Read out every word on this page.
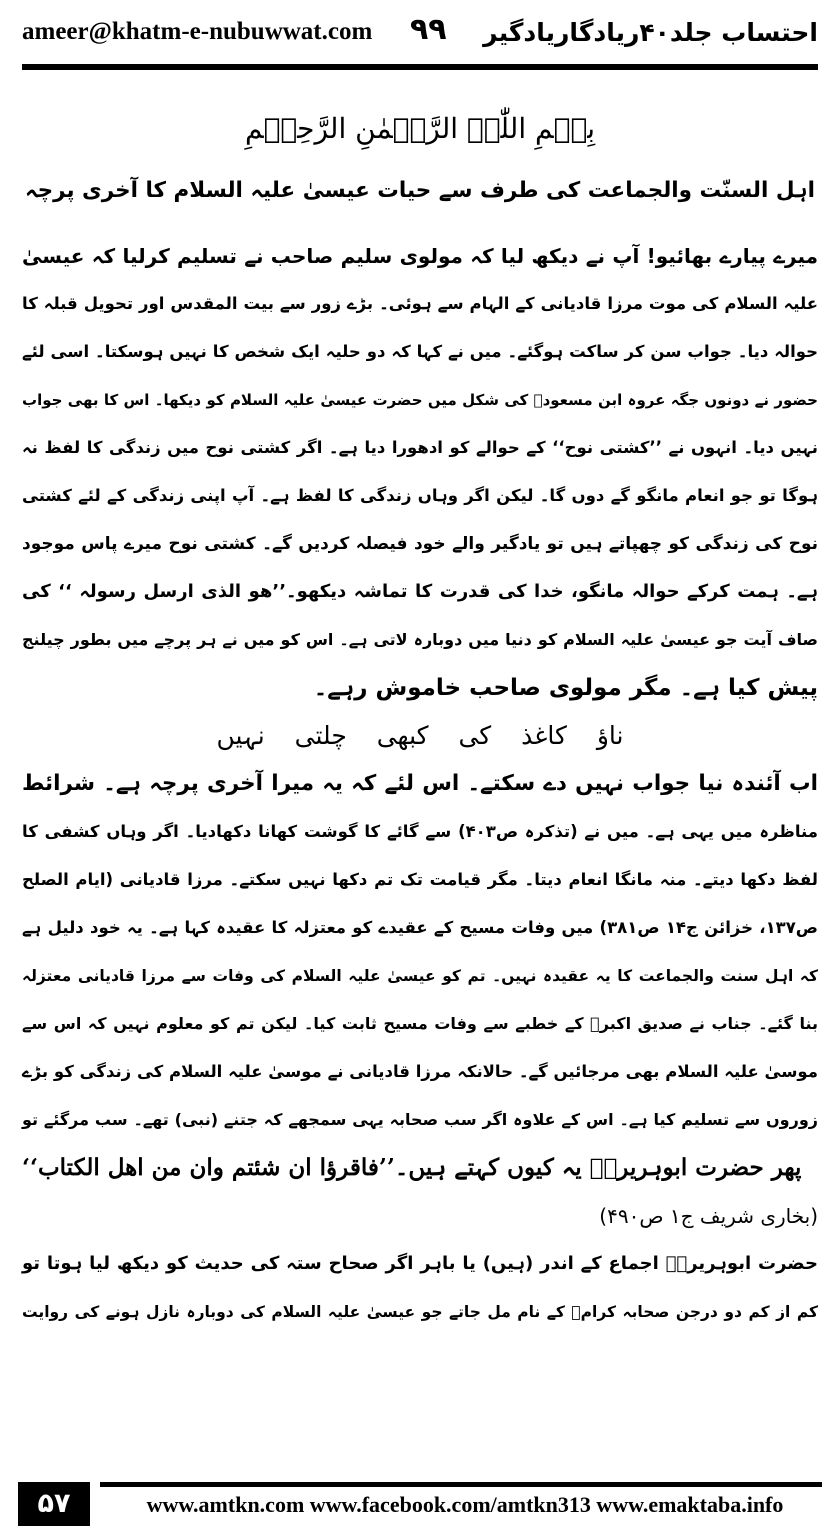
ameer@khatm-e-nubuwwat.com ۹۹ احتساب جلد۴۰ریادگاریادگیر
بِسۡمِ اللّٰہِ الرَّحۡمٰنِ الرَّحِیۡمِ
اہل السنّت والجماعت کی طرف سے حیات عیسیٰ علیہ السلام کا آخری پرچہ
میرے پیارے بھائیو! آپ نے دیکھ لیا کہ مولوی سلیم صاحب نے تسلیم کرلیا کہ عیسیٰ
علیہ السلام کی موت مرزا قادیانی کے الہام سے ہوئی۔ بڑے زور سے بیت المقدس اور تحویل قبلہ کا
حوالہ دیا۔ جواب سن کر ساکت ہوگئے۔ میں نے کہا کہ دو حلیہ ایک شخص کا نہیں ہوسکتا۔ اسی لئے
حضور نے دونوں جگہ عروہ ابن مسعودؓ کی شکل میں حضرت عیسیٰ علیہ السلام کو دیکھا۔ اس کا بھی جواب
نہیں دیا۔ انہوں نے ’’کشتی نوح‘‘ کے حوالے کو ادھورا دیا ہے۔ اگر کشتی نوح میں زندگی کا لفظ نہ
ہوگا تو جو انعام مانگو گے دوں گا۔ لیکن اگر وہاں زندگی کا لفظ ہے۔ آپ اپنی زندگی کے لئے کشتی
نوح کی زندگی کو چھپاتے ہیں تو یادگیر والے خود فیصلہ کردیں گے۔ کشتی نوح میرے پاس موجود
ہے۔ ہمت کرکے حوالہ مانگو، خدا کی قدرت کا تماشہ دیکھو۔’’ھو الذی ارسل رسولہ ‘‘ کی
صاف آیت جو عیسیٰ علیہ السلام کو دنیا میں دوبارہ لاتی ہے۔ اس کو میں نے ہر پرچے میں بطور چیلنج
پیش کیا ہے۔ مگر مولوی صاحب خاموش رہے۔
ناؤ کاغذ کی کبھی چلتی نہیں
اب آئندہ نیا جواب نہیں دے سکتے۔ اس لئے کہ یہ میرا آخری پرچہ ہے۔ شرائط
مناظرہ میں یہی ہے۔ میں نے (تذکرہ ص۴۰۳) سے گائے کا گوشت کھانا دکھادیا۔ اگر وہاں کشفی کا
لفظ دکھا دیتے۔ منہ مانگا انعام دیتا۔ مگر قیامت تک تم دکھا نہیں سکتے۔ مرزا قادیانی (ایام الصلح
ص۱۳۷، خزائن ج۱۴ ص۳۸۱) میں وفات مسیح کے عقیدے کو معتزلہ کا عقیدہ کہا ہے۔ یہ خود دلیل ہے
کہ اہل سنت والجماعت کا یہ عقیدہ نہیں۔ تم کو عیسیٰ علیہ السلام کی وفات سے مرزا قادیانی معتزلہ
بنا گئے۔ جناب نے صدیق اکبرؓ کے خطبے سے وفات مسیح ثابت کیا۔ لیکن تم کو معلوم نہیں کہ اس سے
موسیٰ علیہ السلام بھی مرجائیں گے۔ حالانکہ مرزا قادیانی نے موسیٰ علیہ السلام کی زندگی کو بڑے
زوروں سے تسلیم کیا ہے۔ اس کے علاوہ اگر سب صحابہ یہی سمجھے کہ جتنے (نبی) تھے۔ سب مرگئے تو
پھر حضرت ابوہریرہؓ یہ کیوں کہتے ہیں۔’’فاقرؤا ان شئتم وان من اھل الکتاب‘‘
(بخاری شریف ج۱ ص۴۹۰)
حضرت ابوہریرہؓ اجماع کے اندر (ہیں) یا باہر اگر صحاح ستہ کی حدیث کو دیکھ لیا ہوتا تو
کم از کم دو درجن صحابہ کرامؓ کے نام مل جاتے جو عیسیٰ علیہ السلام کی دوبارہ نازل ہونے کی روایت
۵۷	www.amtkn.com www.facebook.com/amtkn313 www.emaktaba.info
